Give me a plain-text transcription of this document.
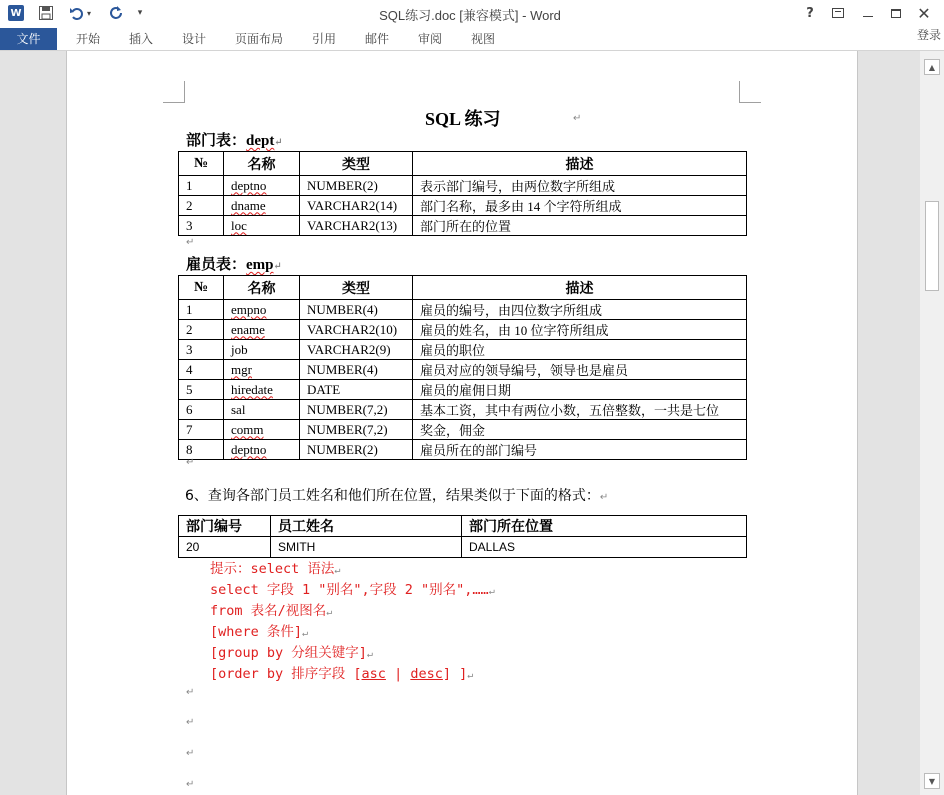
W	▾	▾	SQL练习.doc [兼容模式] - Word	?	✕
文件	开始	插入	设计	页面布局	引用	邮件	审阅	视图	登录
SQL 练习	↵
部门表：dept↵
№	名称	类型	描述
1	deptno	NUMBER(2)	表示部门编号，由两位数字所组成
2	dname	VARCHAR2(14)	部门名称，最多由 14 个字符所组成
3	loc	VARCHAR2(13)	部门所在的位置
↵
雇员表：emp↵
№	名称	类型	描述
1	empno	NUMBER(4)	雇员的编号，由四位数字所组成
2	ename	VARCHAR2(10)	雇员的姓名，由 10 位字符所组成
3	job	VARCHAR2(9)	雇员的职位
4	mgr	NUMBER(4)	雇员对应的领导编号，领导也是雇员
5	hiredate	DATE	雇员的雇佣日期
6	sal	NUMBER(7,2)	基本工资，其中有两位小数，五倍整数，一共是七位
7	comm	NUMBER(7,2)	奖金，佣金
8	deptno	NUMBER(2)	雇员所在的部门编号
↵
6、查询各部门员工姓名和他们所在位置，结果类似于下面的格式：↵
部门编号	员工姓名	部门所在位置
20	SMITH	DALLAS
提示：select 语法↵
select 字段 1 "别名",字段 2 "别名",……↵
from 表名/视图名↵
[where 条件]↵
[group by 分组关键字]↵
[order by 排序字段 [asc | desc] ]↵
↵
↵
↵
↵
▲
▼
